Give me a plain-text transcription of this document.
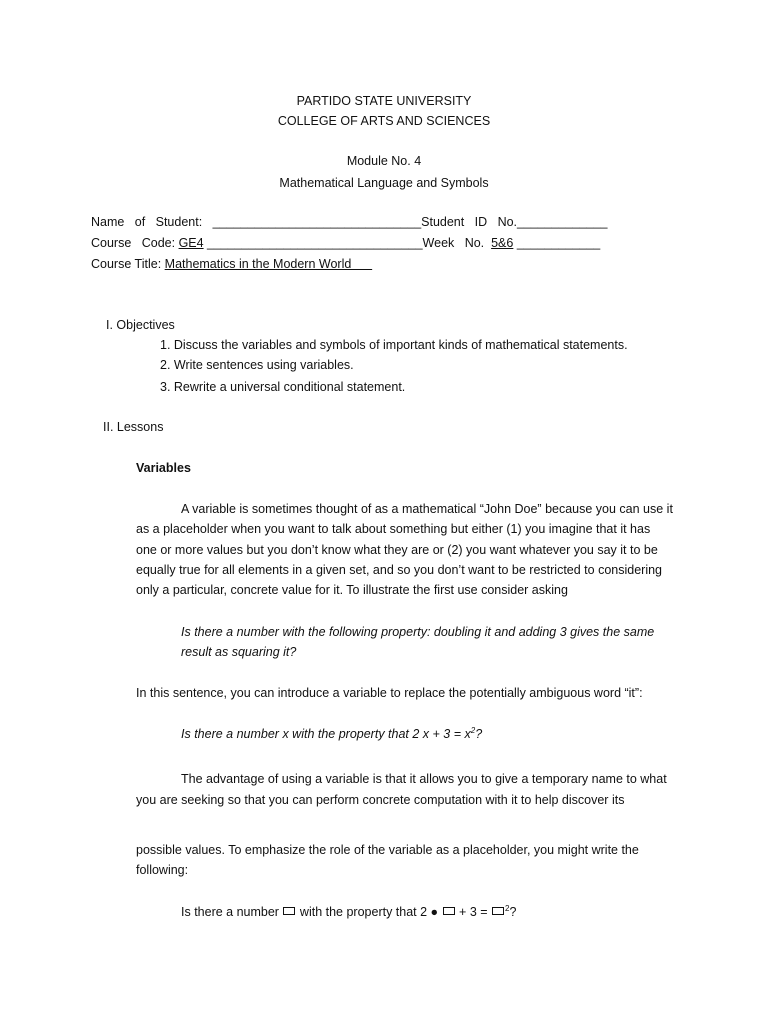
PARTIDO STATE UNIVERSITY
COLLEGE OF ARTS AND SCIENCES
Module No. 4
Mathematical Language and Symbols
Name   of   Student:   ______________________________Student   ID   No._____________
Course   Code: GE4 _______________________________Week   No.  5&6 ____________
Course Title: Mathematics in the Modern World
I. Objectives
1. Discuss the variables and symbols of important kinds of mathematical statements.
2. Write sentences using variables.
3. Rewrite a universal conditional statement.
II. Lessons
Variables
A variable is sometimes thought of as a mathematical “John Doe” because you can use it
as a placeholder when you want to talk about something but either (1) you imagine that it has
one or more values but you don’t know what they are or (2) you want whatever you say it to be
equally true for all elements in a given set, and so you don’t want to be restricted to considering
only a particular, concrete value for it. To illustrate the first use consider asking
Is there a number with the following property: doubling it and adding 3 gives the same
result as squaring it?
In this sentence, you can introduce a variable to replace the potentially ambiguous word “it”:
Is there a number x with the property that 2 $x + 3 = x^2$?
The advantage of using a variable is that it allows you to give a temporary name to what
you are seeking so that you can perform concrete computation with it to help discover its
possible values. To emphasize the role of the variable as a placeholder, you might write the
following:
Is there a number  with the property that 2 ●  + 3 = $^2$?
